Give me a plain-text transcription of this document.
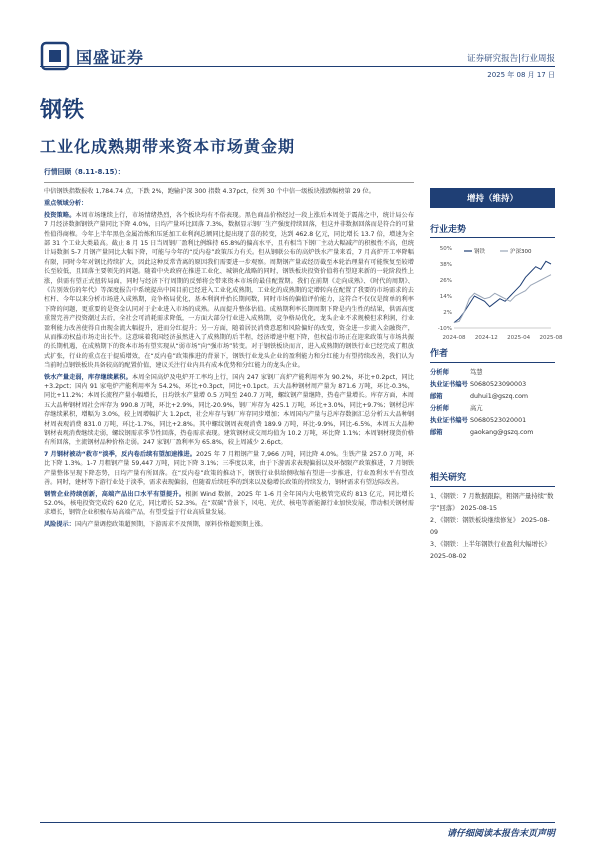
国盛证券	证券研究报告|行业周报
2025 年 08 月 17 日
钢铁
工业化成熟期带来资本市场黄金期
增持（维持）
行情回顾（8.11-8.15）：

中信钢铁指数报收 1,784.74 点，下跌 2%，跑输沪深 300 指数 4.37pct，位列 30 个中信一级板块涨跌幅榜第 29 位。

重点领域分析：

投资策略。本周市场继续上行，市场情绪热烈，各个板块均有不俗表现。黑色商品价格经过一段上涨后本周处于震荡之中，统计局公布 7 月经济数据钢铁产量同比下降 4.0%，日均产量环比回落 7.3%，数据显示钢厂生产强度持续回落，但这并非数据回落而是符合的可量性值得商榷。今年上半年黑色金属冶炼和压延加工业利润总额同比提出现了喜的转变，达到 462.8 亿元，同比增长 13.7 倍，增速为全部 31 个工业大类最高。截止 8 月 15 日当周钢厂盈利比例维持 65.8%的偏高水平，且有相当下钢厂主动大幅减产的积极性不高，但统计局数据 5-7 月钢产量同比大幅下降，可能与今年的“反内卷”政策压力有关。但从钢联公布的高炉铁水产量来看，7 月高炉开工率降幅有限，同时今年对钢比持续扩大，因此这种反常背离的原因我们需要进一步观察。周期钢产量或经历截至本轮治理量有可能恢复至较增长至较低，且回落主要领先的问题。随着中央政府在推进工业化、城镇化战略的同时，钢铁板块投资价值将有望迎来新的一轮阶段性上涨，供需有望正式扭转局面，同时与经济下行周期的反弹将会带来资本市场的最佳配置期。我们在前期《走向成熟》、《时代的周期》、《告别效仿的年代》等深度报告中系统提出中国目前已经进入工业化成熟期，工业化的成熟期的定增转向在配置了我要的市场需求的去杠杆、今年以来分析市场进入成熟期，竞争格局优化，基本利润并抬长期间数，同时市场的偏值评价能力，这符合不仅仅是简单的利率下降的问题，更重要的是资金认同对于企业进入市场的成熟。从而提升整体估值。成熟期利率长期周期下降是内生性的结果，供需高度重置完善产投资潮过去后，全社会可消耗需求降低，一方面大部分行业进入成熟期，竞争格局优化，龙头企业不求规模但求利润，行业盈利能力改善使得自由现金流大幅提升，进而分红提升；另一方面，随着居民消费意愿和风险偏好的改变，资金进一步流入金融资产，从而推动权益市场走出长牛。这意味着我国经济虽然进入了成熟期的后半程，经济增速中枢下降，但权益市场正在迎来政策与市场共振的长期机遇，在成熟期下的资本市场有望实现从“弱市场”向“强市场”转变。对于钢铁板块而言，进入成熟期的钢铁行业已经完成了粗放式扩张，行业的重点在于提质增效，在“反内卷”政策推进的背景下，钢铁行业龙头企业的盈利能力和分红能力有望持续改善，我们认为当前时点钢铁板块具备较高的配置价值，建议关注行业内具有成本优势和分红能力的龙头企业。

铁水产量走弱，库存继续累积。本周全国高炉及电炉开工率均上行，国内 247 家钢厂高炉产能利用率为 90.2%，环比+0.2pct，同比+3.2pct；国内 91 家电炉产能利用率为 54.2%，环比+0.3pct，同比+0.1pct。五大品种钢材周产量为 871.6 万吨，环比-0.3%，同比+11.2%；本周长流程产量小幅增长，日均铁水产量增 0.5 万吨至 240.7 万吨，螺纹钢产量继降，热卷产量增长。库存方面，本周五大品种钢材周社会库存为 990.8 万吨，环比+2.9%，同比-20.9%，钢厂库存为 425.1 万吨，环比+3.0%，同比+9.7%；钢材总库存继续累积，增幅为 3.0%，较上周增幅扩大 1.2pct，社会库存与钢厂库存同步增加；本周国内产量与总库存数据汇总分析五大品种钢材周表观消费 831.0 万吨，环比-1.7%，同比+2.8%。其中螺纹钢周表观消费 189.9 万吨，环比-9.9%，同比-6.5%，本周五大品种钢材表观消费继续走弱，螺纹钢需求季节性回落，热卷需求表现。建筑钢材成交周均值为 10.2 万吨，环比降 1.1%；本周钢材现货价格有所回落，主流钢材品种价格走弱。247 家钢厂盈利率为 65.8%，较上周减少 2.6pct。

7 月钢材被动“救市”淡季，反内卷后续有望加速推进。2025 年 7 月粗钢产量 7,966 万吨，同比降 4.0%。生铁产量 257.0 万吨，环比下降 1.3%。1-7 月粗钢产量 59,447 万吨，同比下降 3.1%；三季度以来，由于下游需求表现偏弱以及环保限产政策推进，7 月钢铁产量整体呈现下降态势，日均产量有所回落。在“反内卷”政策的推动下，钢铁行业供给侧收缩有望进一步推进，行业盈利水平有望改善。同时，建材等下游行业处于淡季，需求表现偏弱，但随着后续旺季的到来以及稳增长政策的持续发力，钢材需求有望边际改善。

钢管企业持续创新，高端产品出口水平有望提升。根据 Wind 数据，2025 年 1-6 月全年国内大电极管完成约 813 亿元，同比增长 52.0%，核电投资完成约 620 亿元，同比增长 52.3%。在“双碳”背景下，风电、光伏、核电等新能源行业加快发展，带动相关钢材需求增长，钢管企业积极布局高端产品，有望受益于行业高质量发展。

风险提示：国内产量调控政策超预期，下游需求不及预期，原料价格超预期上涨。

行业走势
-10%
2%
14%
26%
38%
50%
2024-08 2024-12 2025-04 2025-08
钢铁	沪深300
作者
分析师	笃慧
执业证书编号 S0680523090003
邮箱	duhui1@gszq.com
分析师	高亢
执业证书编号 S0680523020001
邮箱	gaokang@gszq.com
相关研究
1、《钢铁：7 月数据跟踪，粗钢产量持续“数字”回落》 2025-08-15
2、《钢铁：钢铁板块继续修复》 2025-08-09
3、《钢铁：上半年钢铁行业盈利大幅增长》 2025-08-02
请仔细阅读本报告末页声明
